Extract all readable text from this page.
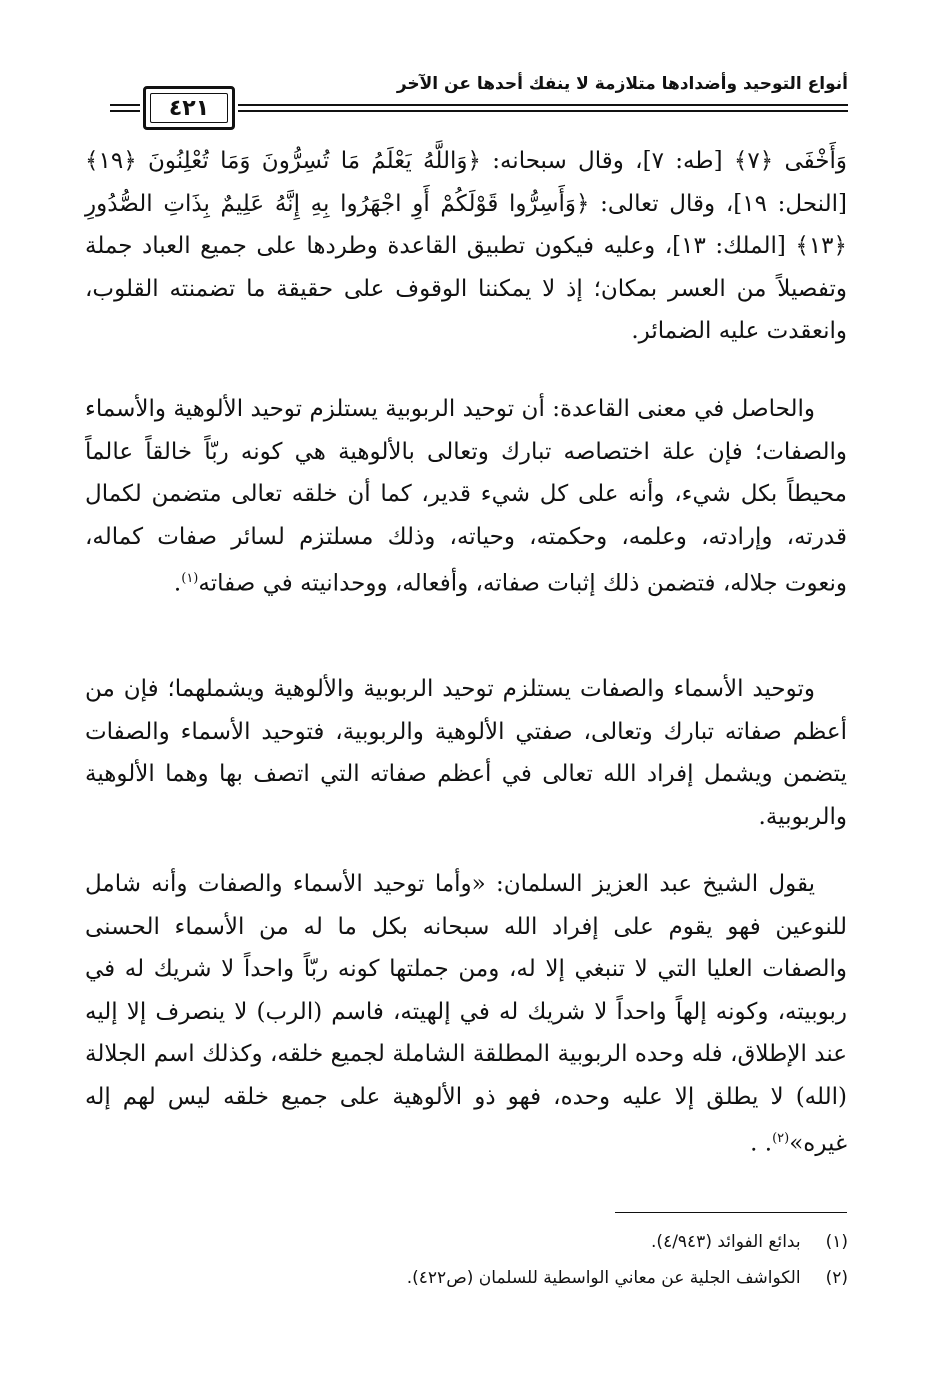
أنواع التوحيد وأضدادها متلازمة لا ينفك أحدها عن الآخر
٤٢١

وَأَخْفَى ﴿٧﴾ [طه: ٧]، وقال سبحانه: ﴿وَاللَّهُ يَعْلَمُ مَا تُسِرُّونَ وَمَا تُعْلِنُونَ ﴿١٩﴾ [النحل: ١٩]، وقال تعالى: ﴿وَأَسِرُّوا قَوْلَكُمْ أَوِ اجْهَرُوا بِهِ إِنَّهُ عَلِيمٌ بِذَاتِ الصُّدُورِ ﴿١٣﴾ [الملك: ١٣]، وعليه فيكون تطبيق القاعدة وطردها على جميع العباد جملة وتفصيلاً من العسر بمكان؛ إذ لا يمكننا الوقوف على حقيقة ما تضمنته القلوب، وانعقدت عليه الضمائر.

والحاصل في معنى القاعدة: أن توحيد الربوبية يستلزم توحيد الألوهية والأسماء والصفات؛ فإن علة اختصاصه تبارك وتعالى بالألوهية هي كونه ربّاً خالقاً عالماً محيطاً بكل شيء، وأنه على كل شيء قدير، كما أن خلقه تعالى متضمن لكمال قدرته، وإرادته، وعلمه، وحكمته، وحياته، وذلك مسلتزم لسائر صفات كماله، ونعوت جلاله، فتضمن ذلك إثبات صفاته، وأفعاله، ووحدانيته في صفاته$^{(١)}$.

وتوحيد الأسماء والصفات يستلزم توحيد الربوبية والألوهية ويشملهما؛ فإن من أعظم صفاته تبارك وتعالى، صفتي الألوهية والربوبية، فتوحيد الأسماء والصفات يتضمن ويشمل إفراد الله تعالى في أعظم صفاته التي اتصف بها وهما الألوهية والربوبية.

يقول الشيخ عبد العزيز السلمان: «وأما توحيد الأسماء والصفات وأنه شامل للنوعين فهو يقوم على إفراد الله سبحانه بكل ما له من الأسماء الحسنى والصفات العليا التي لا تنبغي إلا له، ومن جملتها كونه ربّاً واحداً لا شريك له في ربوبيته، وكونه إلهاً واحداً لا شريك له في إلهيته، فاسم (الرب) لا ينصرف إلا إليه عند الإطلاق، فله وحده الربوبية المطلقة الشاملة لجميع خلقه، وكذلك اسم الجلالة (الله) لا يطلق إلا عليه وحده، فهو ذو الألوهية على جميع خلقه ليس لهم إله غيره»$^{(٢)}$. .

(١) بدائع الفوائد (٤/٩٤٣).
(٢) الكواشف الجلية عن معاني الواسطية للسلمان (ص٤٢٢).
